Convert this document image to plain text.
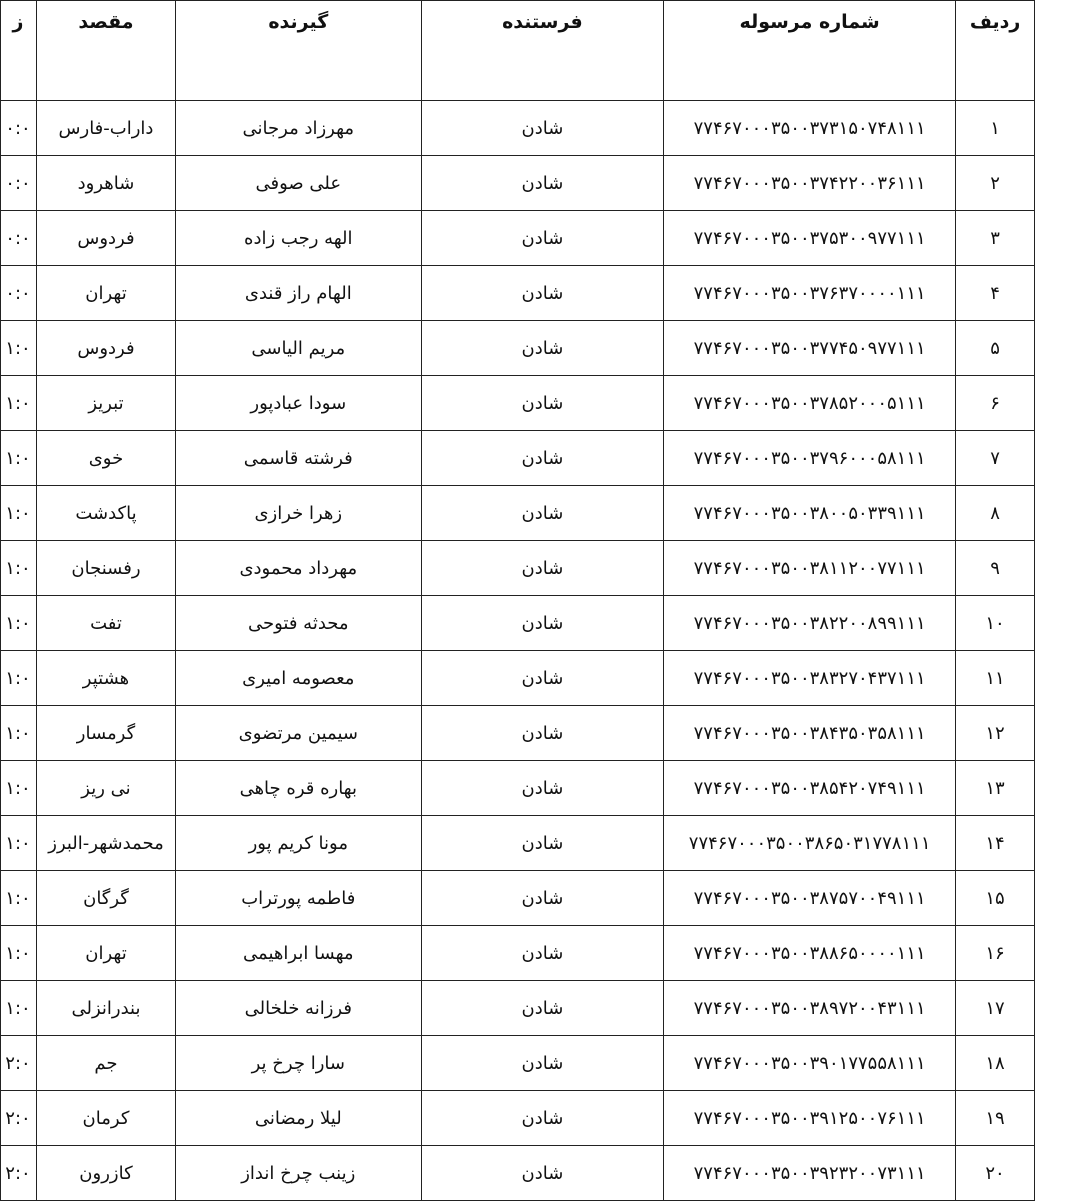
ردیف	شماره مرسوله	فرستنده	گیرنده	مقصد	ز
۱	۷۷۴۶۷۰۰۰۳۵۰۰۳۷۳۱۵۰۷۴۸۱۱۱	شادن	مهرزاد مرجانی	داراب-فارس	۰:۰
۲	۷۷۴۶۷۰۰۰۳۵۰۰۳۷۴۲۲۰۰۳۶۱۱۱	شادن	علی صوفی	شاهرود	۰:۰
۳	۷۷۴۶۷۰۰۰۳۵۰۰۳۷۵۳۰۰۹۷۷۱۱۱	شادن	الهه رجب زاده	فردوس	۰:۰
۴	۷۷۴۶۷۰۰۰۳۵۰۰۳۷۶۳۷۰۰۰۰۱۱۱	شادن	الهام راز قندی	تهران	۰:۰
۵	۷۷۴۶۷۰۰۰۳۵۰۰۳۷۷۴۵۰۹۷۷۱۱۱	شادن	مریم الیاسی	فردوس	۱:۰
۶	۷۷۴۶۷۰۰۰۳۵۰۰۳۷۸۵۲۰۰۰۵۱۱۱	شادن	سودا عبادپور	تبریز	۱:۰
۷	۷۷۴۶۷۰۰۰۳۵۰۰۳۷۹۶۰۰۰۵۸۱۱۱	شادن	فرشته قاسمی	خوی	۱:۰
۸	۷۷۴۶۷۰۰۰۳۵۰۰۳۸۰۰۵۰۳۳۹۱۱۱	شادن	زهرا خرازی	پاکدشت	۱:۰
۹	۷۷۴۶۷۰۰۰۳۵۰۰۳۸۱۱۲۰۰۷۷۱۱۱	شادن	مهرداد محمودی	رفسنجان	۱:۰
۱۰	۷۷۴۶۷۰۰۰۳۵۰۰۳۸۲۲۰۰۸۹۹۱۱۱	شادن	محدثه فتوحی	تفت	۱:۰
۱۱	۷۷۴۶۷۰۰۰۳۵۰۰۳۸۳۲۷۰۴۳۷۱۱۱	شادن	معصومه امیری	هشتپر	۱:۰
۱۲	۷۷۴۶۷۰۰۰۳۵۰۰۳۸۴۳۵۰۳۵۸۱۱۱	شادن	سیمین مرتضوی	گرمسار	۱:۰
۱۳	۷۷۴۶۷۰۰۰۳۵۰۰۳۸۵۴۲۰۷۴۹۱۱۱	شادن	بهاره قره چاهی	نی ریز	۱:۰
۱۴	۷۷۴۶۷۰۰۰۳۵۰۰۳۸۶۵۰۳۱۷۷۸۱۱۱	شادن	مونا کریم پور	محمدشهر-البرز	۱:۰
۱۵	۷۷۴۶۷۰۰۰۳۵۰۰۳۸۷۵۷۰۰۴۹۱۱۱	شادن	فاطمه پورتراب	گرگان	۱:۰
۱۶	۷۷۴۶۷۰۰۰۳۵۰۰۳۸۸۶۵۰۰۰۰۱۱۱	شادن	مهسا ابراهیمی	تهران	۱:۰
۱۷	۷۷۴۶۷۰۰۰۳۵۰۰۳۸۹۷۲۰۰۴۳۱۱۱	شادن	فرزانه خلخالی	بندرانزلی	۱:۰
۱۸	۷۷۴۶۷۰۰۰۳۵۰۰۳۹۰۱۷۷۵۵۸۱۱۱	شادن	سارا چرخ پر	جم	۲:۰
۱۹	۷۷۴۶۷۰۰۰۳۵۰۰۳۹۱۲۵۰۰۷۶۱۱۱	شادن	لیلا رمضانی	کرمان	۲:۰
۲۰	۷۷۴۶۷۰۰۰۳۵۰۰۳۹۲۳۲۰۰۷۳۱۱۱	شادن	زینب چرخ انداز	کازرون	۲:۰
